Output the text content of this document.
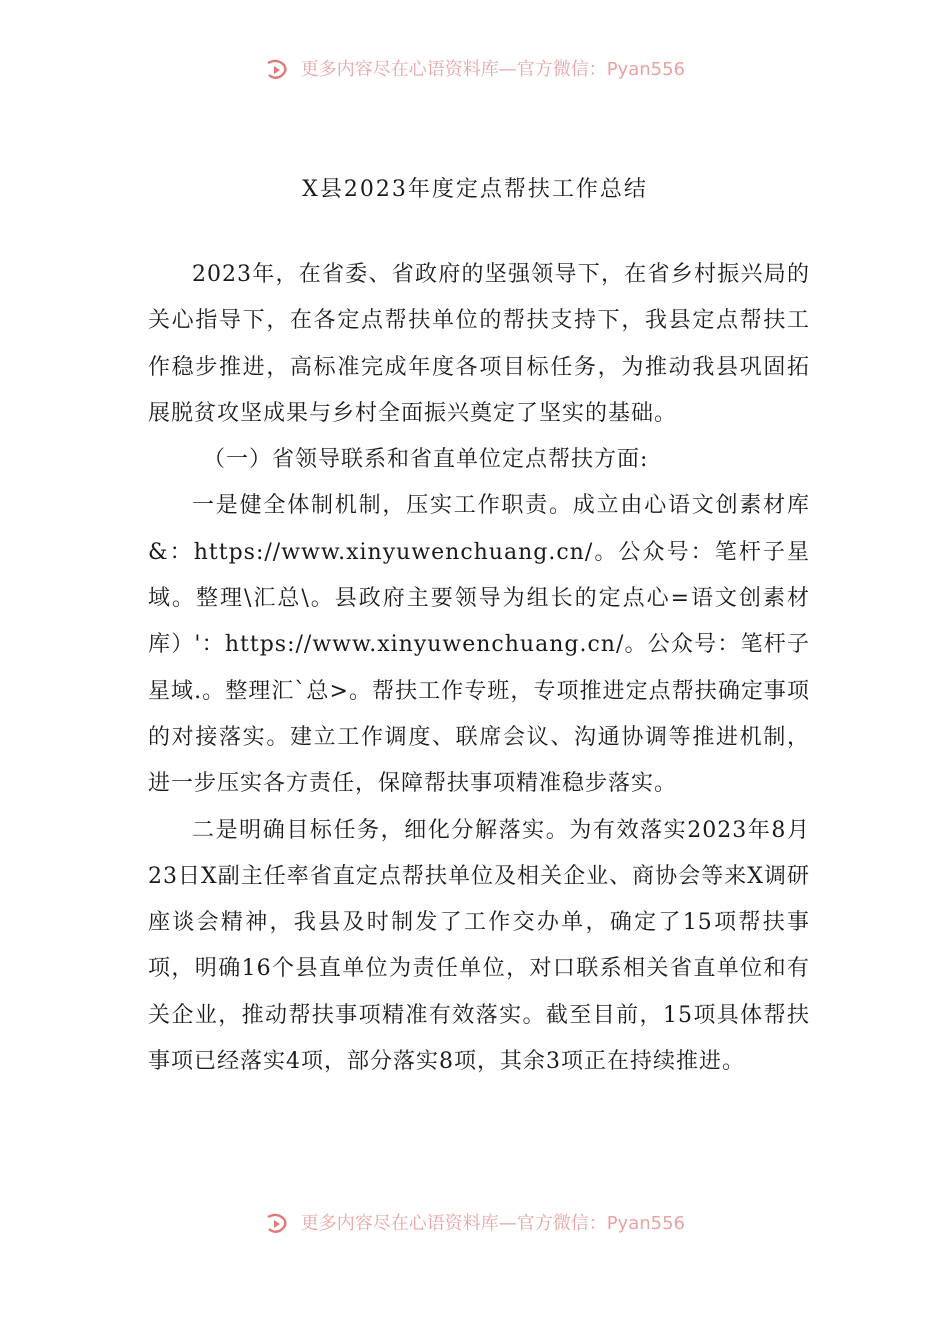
更多内容尽在心语资料库—官方微信：Pyan556
X县2023年度定点帮扶工作总结

2023年，在省委、省政府的坚强领导下，在省乡村振兴局的关心指导下，在各定点帮扶单位的帮扶支持下，我县定点帮扶工作稳步推进，高标准完成年度各项目标任务，为推动我县巩固拓展脱贫攻坚成果与乡村全面振兴奠定了坚实的基础。

（一）省领导联系和省直单位定点帮扶方面:

一是健全体制机制，压实工作职责。成立由心语文创素材库&：https://www.xinyuwenchuang.cn/。公众号：笔杆子星域。整理\汇总\。县政府主要领导为组长的定点心=语文创素材库）'：https://www.xinyuwenchuang.cn/。公众号：笔杆子星域.。整理汇`总>。帮扶工作专班，专项推进定点帮扶确定事项的对接落实。建立工作调度、联席会议、沟通协调等推进机制，进一步压实各方责任，保障帮扶事项精准稳步落实。

二是明确目标任务，细化分解落实。为有效落实2023年8月23日X副主任率省直定点帮扶单位及相关企业、商协会等来X调研座谈会精神，我县及时制发了工作交办单，确定了15项帮扶事项，明确16个县直单位为责任单位，对口联系相关省直单位和有关企业，推动帮扶事项精准有效落实。截至目前，15项具体帮扶事项已经落实4项，部分落实8项，其余3项正在持续推进。

更多内容尽在心语资料库—官方微信：Pyan556
